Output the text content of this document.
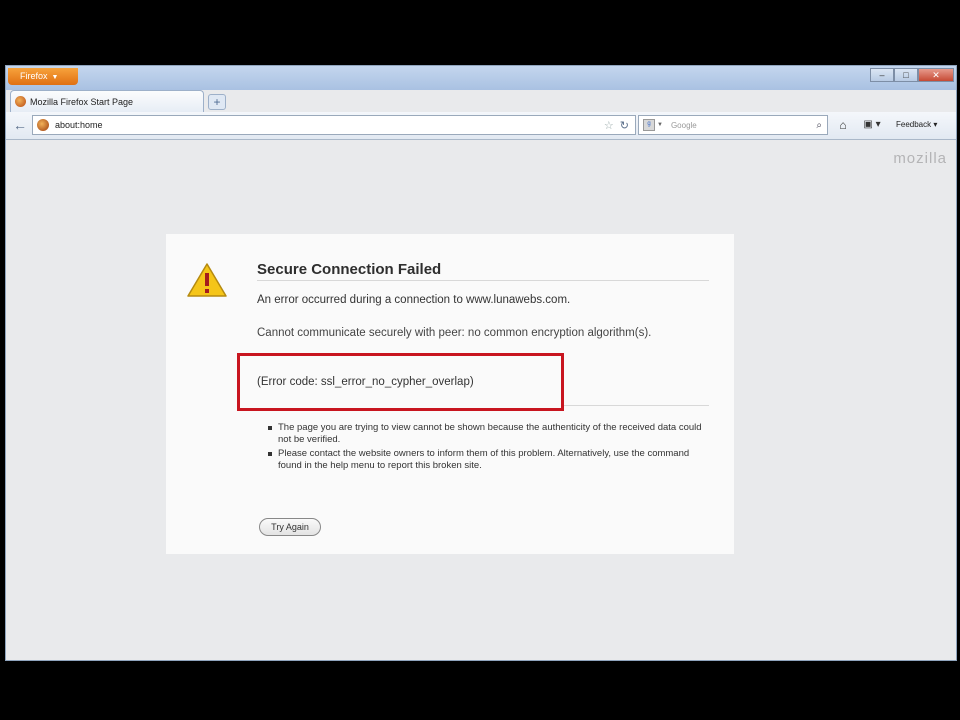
Firefox ▼	–	□	✕
Mozilla Firefox Start Page	+
←	about:home	☆ ↻	g	▼ Google	⌕	⌂	▣ ▾	Feedback ▾
mozilla
Secure Connection Failed
An error occurred during a connection to www.lunawebs.com.
Cannot communicate securely with peer: no common encryption algorithm(s).
(Error code: ssl_error_no_cypher_overlap)
The page you are trying to view cannot be shown because the authenticity of the received data could not be verified.
Please contact the website owners to inform them of this problem. Alternatively, use the command found in the help menu to report this broken site.
Try Again
